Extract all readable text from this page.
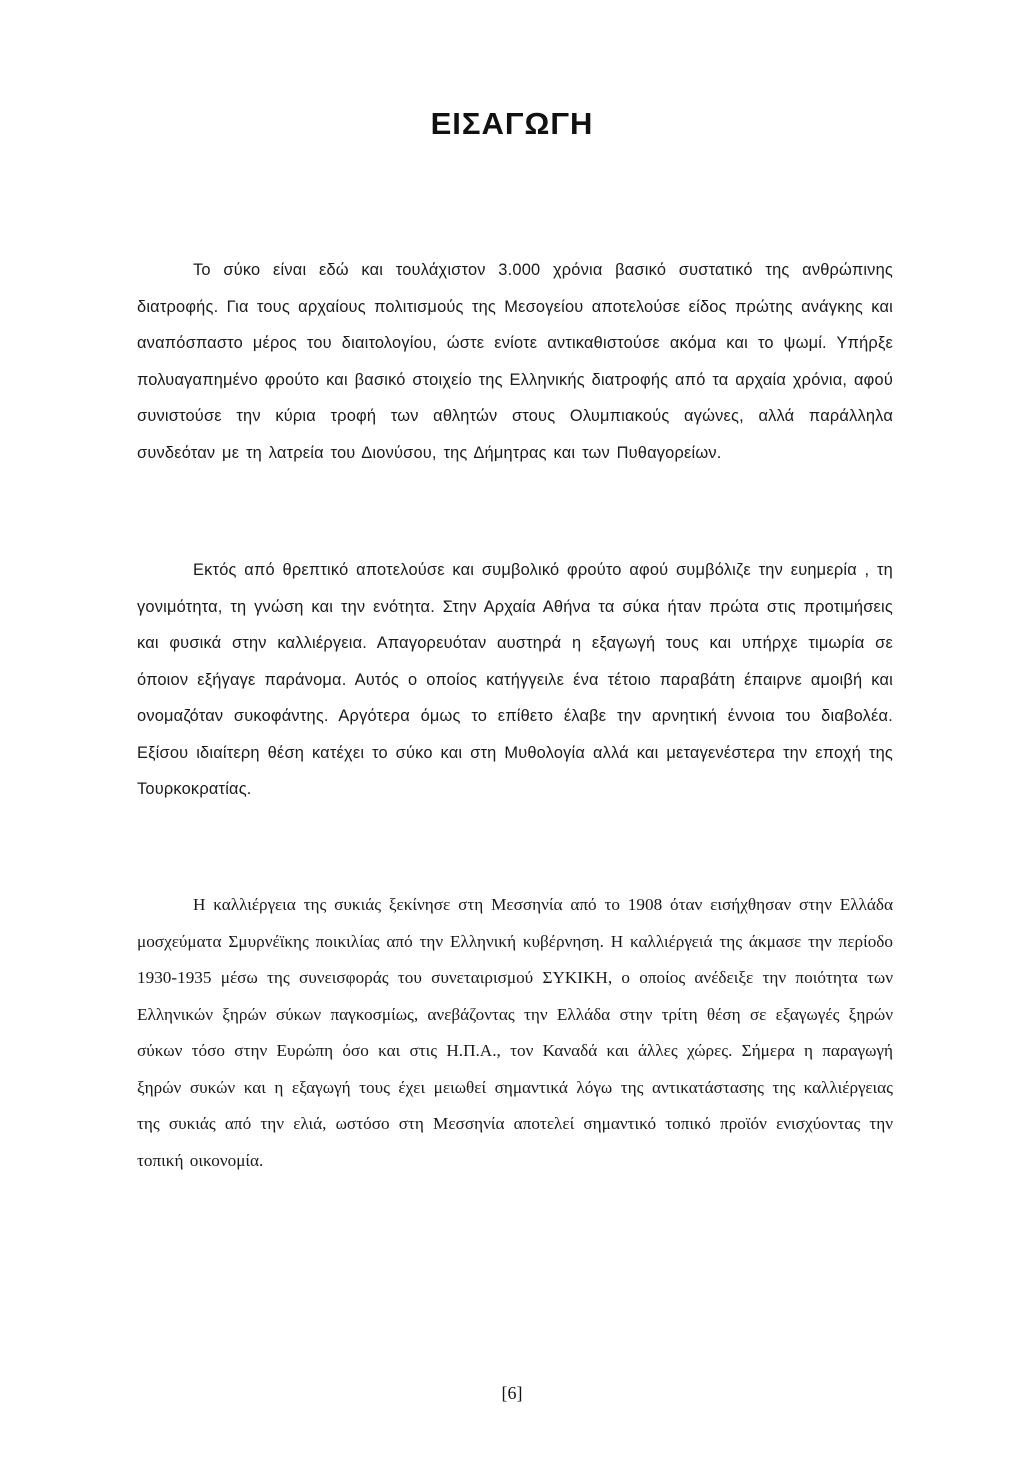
ΕΙΣΑΓΩΓΗ

Το σύκο είναι εδώ και τουλάχιστον 3.000 χρόνια βασικό συστατικό της ανθρώπινης διατροφής. Για τους αρχαίους πολιτισμούς της Μεσογείου αποτελούσε είδος πρώτης ανάγκης και αναπόσπαστο μέρος του διαιτολογίου, ώστε ενίοτε αντικαθιστούσε ακόμα και το ψωμί. Υπήρξε πολυαγαπημένο φρούτο και βασικό στοιχείο της Ελληνικής διατροφής από τα αρχαία χρόνια, αφού συνιστούσε την κύρια τροφή των αθλητών στους Ολυμπιακούς αγώνες, αλλά παράλληλα συνδεόταν με τη λατρεία του Διονύσου, της Δήμητρας και των Πυθαγορείων.

Εκτός από θρεπτικό αποτελούσε και συμβολικό φρούτο αφού συμβόλιζε την ευημερία , τη γονιμότητα, τη γνώση και την ενότητα. Στην Αρχαία Αθήνα τα σύκα ήταν πρώτα στις προτιμήσεις και φυσικά στην καλλιέργεια. Απαγορευόταν αυστηρά η εξαγωγή τους και υπήρχε τιμωρία σε όποιον εξήγαγε παράνομα. Αυτός ο οποίος κατήγγειλε ένα τέτοιο παραβάτη έπαιρνε αμοιβή και ονομαζόταν συκοφάντης. Αργότερα όμως το επίθετο έλαβε την αρνητική έννοια του διαβολέα. Εξίσου ιδιαίτερη θέση κατέχει το σύκο και στη Μυθολογία αλλά και μεταγενέστερα την εποχή της Τουρκοκρατίας.

Η καλλιέργεια της συκιάς ξεκίνησε στη Μεσσηνία από το 1908 όταν εισήχθησαν στην Ελλάδα μοσχεύματα Σμυρνέϊκης ποικιλίας από την Ελληνική κυβέρνηση. Η καλλιέργειά της άκμασε την περίοδο 1930-1935 μέσω της συνεισφοράς του συνεταιρισμού ΣΥΚΙΚΗ, ο οποίος ανέδειξε την ποιότητα των Ελληνικών ξηρών σύκων παγκοσμίως, ανεβάζοντας την Ελλάδα στην τρίτη θέση σε εξαγωγές ξηρών σύκων τόσο στην Ευρώπη όσο και στις Η.Π.Α., τον Καναδά και άλλες χώρες. Σήμερα η παραγωγή ξηρών συκών και η εξαγωγή τους έχει μειωθεί σημαντικά λόγω της αντικατάστασης της καλλιέργειας της συκιάς από την ελιά, ωστόσο στη Μεσσηνία αποτελεί σημαντικό τοπικό προϊόν ενισχύοντας την τοπική οικονομία.

[6]
